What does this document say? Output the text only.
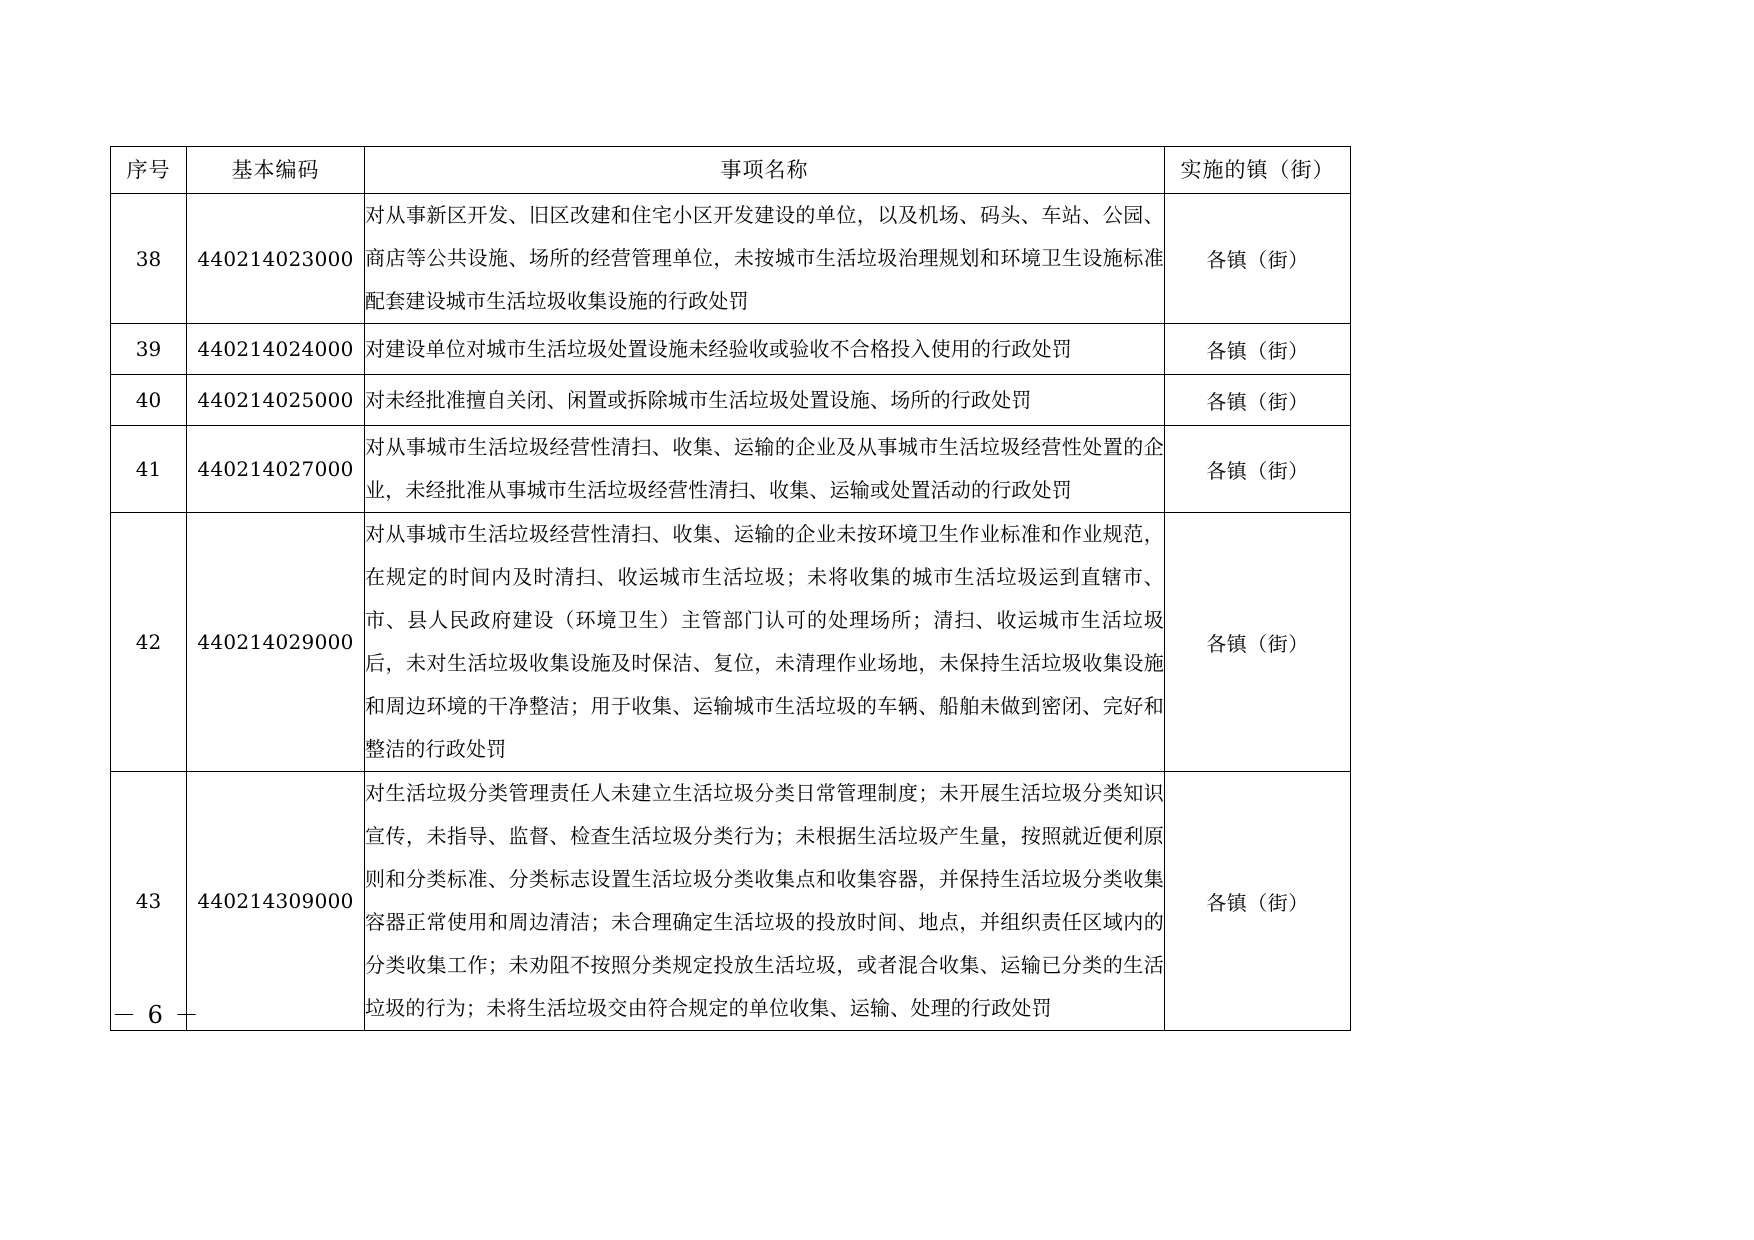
序号	基本编码	事项名称	实施的镇（街）
38	440214023000	对从事新区开发、旧区改建和住宅小区开发建设的单位，以及机场、码头、车站、公园、商店等公共设施、场所的经营管理单位，未按城市生活垃圾治理规划和环境卫生设施标准配套建设城市生活垃圾收集设施的行政处罚	各镇（街）
39	440214024000	对建设单位对城市生活垃圾处置设施未经验收或验收不合格投入使用的行政处罚	各镇（街）
40	440214025000	对未经批准擅自关闭、闲置或拆除城市生活垃圾处置设施、场所的行政处罚	各镇（街）
41	440214027000	对从事城市生活垃圾经营性清扫、收集、运输的企业及从事城市生活垃圾经营性处置的企业，未经批准从事城市生活垃圾经营性清扫、收集、运输或处置活动的行政处罚	各镇（街）
42	440214029000	对从事城市生活垃圾经营性清扫、收集、运输的企业未按环境卫生作业标准和作业规范，在规定的时间内及时清扫、收运城市生活垃圾；未将收集的城市生活垃圾运到直辖市、市、县人民政府建设（环境卫生）主管部门认可的处理场所；清扫、收运城市生活垃圾后，未对生活垃圾收集设施及时保洁、复位，未清理作业场地，未保持生活垃圾收集设施和周边环境的干净整洁；用于收集、运输城市生活垃圾的车辆、船舶未做到密闭、完好和整洁的行政处罚	各镇（街）
43	440214309000	对生活垃圾分类管理责任人未建立生活垃圾分类日常管理制度；未开展生活垃圾分类知识宣传，未指导、监督、检查生活垃圾分类行为；未根据生活垃圾产生量，按照就近便利原则和分类标准、分类标志设置生活垃圾分类收集点和收集容器，并保持生活垃圾分类收集容器正常使用和周边清洁；未合理确定生活垃圾的投放时间、地点，并组织责任区域内的分类收集工作；未劝阻不按照分类规定投放生活垃圾，或者混合收集、运输已分类的生活垃圾的行为；未将生活垃圾交由符合规定的单位收集、运输、处理的行政处罚	各镇（街）
－ 6 －
